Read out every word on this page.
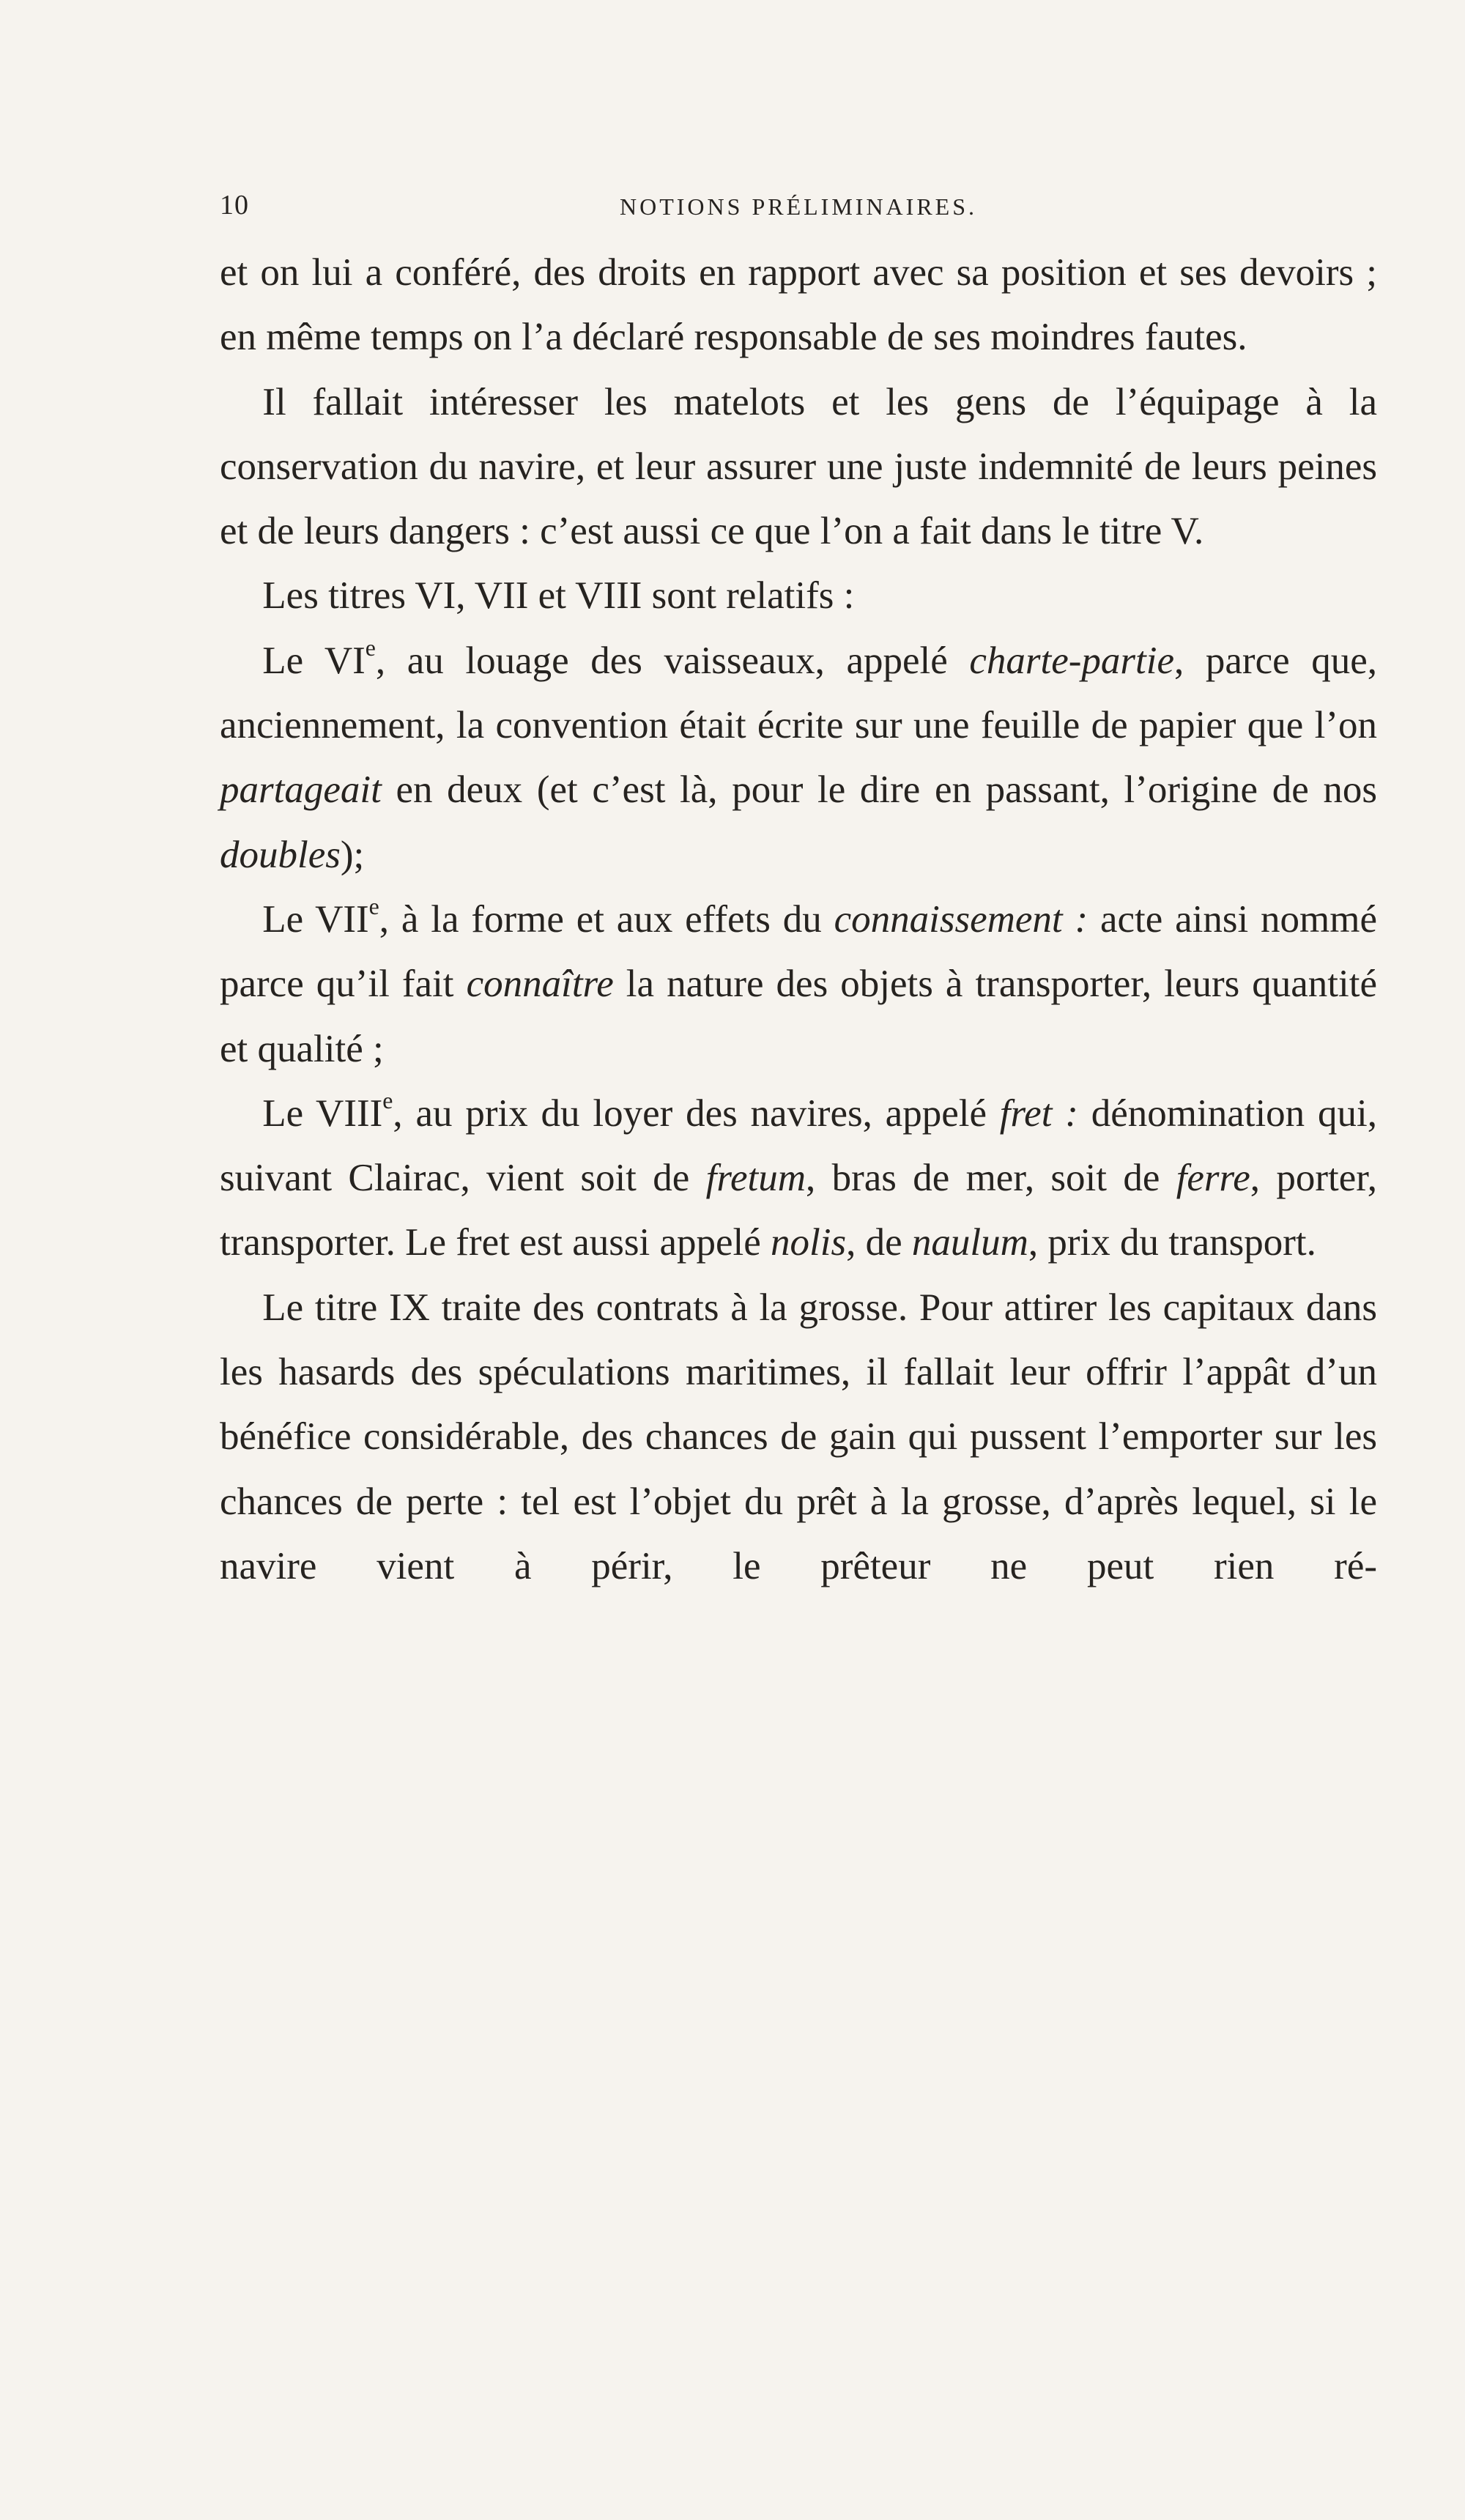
10	NOTIONS PRÉLIMINAIRES.

et on lui a conféré, des droits en rapport avec sa position et ses devoirs ; en même temps on l’a déclaré responsable de ses moindres fautes.

Il fallait intéresser les matelots et les gens de l’équipage à la conservation du navire, et leur assurer une juste indemnité de leurs peines et de leurs dangers : c’est aussi ce que l’on a fait dans le titre V.

Les titres VI, VII et VIII sont relatifs :

Le VIe, au louage des vaisseaux, appelé charte-partie, parce que, anciennement, la convention était écrite sur une feuille de papier que l’on partageait en deux (et c’est là, pour le dire en passant, l’origine de nos doubles);

Le VIIe, à la forme et aux effets du connaissement : acte ainsi nommé parce qu’il fait connaître la nature des objets à transporter, leurs quantité et qualité ;

Le VIIIe, au prix du loyer des navires, appelé fret : dénomination qui, suivant Clairac, vient soit de fretum, bras de mer, soit de ferre, porter, transporter. Le fret est aussi appelé nolis, de naulum, prix du transport.

Le titre IX traite des contrats à la grosse. Pour attirer les capitaux dans les hasards des spéculations maritimes, il fallait leur offrir l’appât d’un bénéfice considérable, des chances de gain qui pussent l’emporter sur les chances de perte : tel est l’objet du prêt à la grosse, d’après lequel, si le navire vient à périr, le prêteur ne peut rien ré-
